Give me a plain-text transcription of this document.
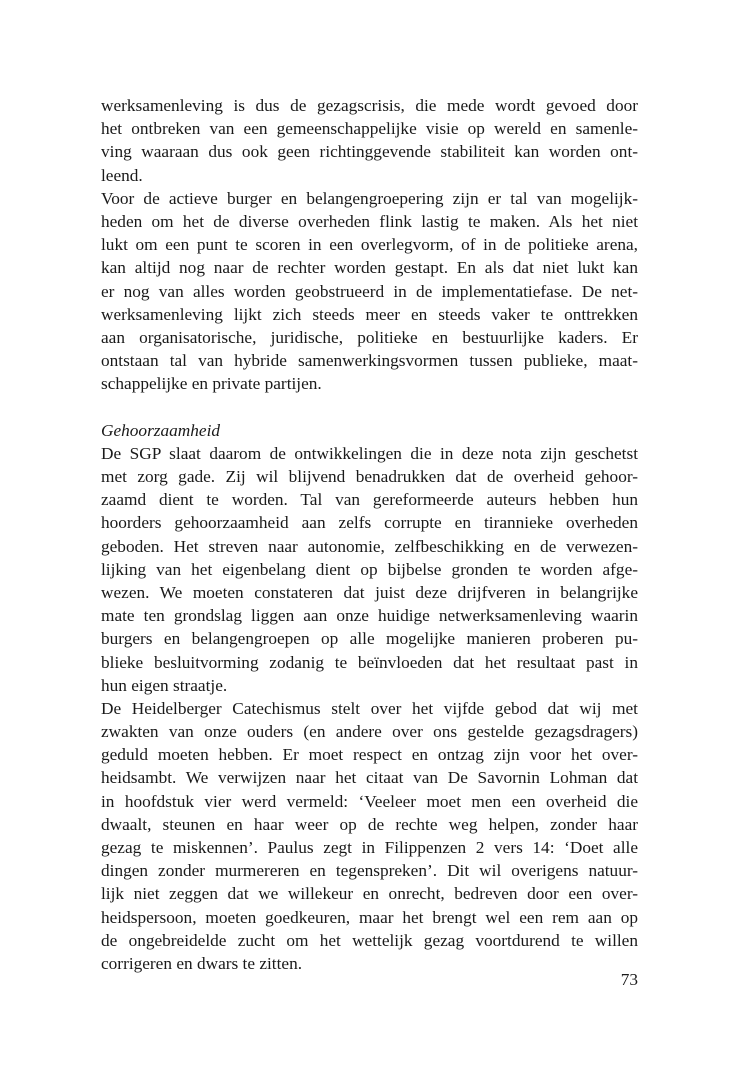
werksamenleving is dus de gezagscrisis, die mede wordt gevoed door
het ontbreken van een gemeenschappelijke visie op wereld en samenle-
ving waaraan dus ook geen richtinggevende stabiliteit kan worden ont-
leend.
Voor de actieve burger en belangengroepering zijn er tal van mogelijk-
heden om het de diverse overheden flink lastig te maken. Als het niet
lukt om een punt te scoren in een overlegvorm, of in de politieke arena,
kan altijd nog naar de rechter worden gestapt. En als dat niet lukt kan
er nog van alles worden geobstrueerd in de implementatiefase. De net-
werksamenleving lijkt zich steeds meer en steeds vaker te onttrekken
aan organisatorische, juridische, politieke en bestuurlijke kaders. Er
ontstaan tal van hybride samenwerkingsvormen tussen publieke, maat-
schappelijke en private partijen.
Gehoorzaamheid
De SGP slaat daarom de ontwikkelingen die in deze nota zijn geschetst
met zorg gade. Zij wil blijvend benadrukken dat de overheid gehoor-
zaamd dient te worden. Tal van gereformeerde auteurs hebben hun
hoorders gehoorzaamheid aan zelfs corrupte en tirannieke overheden
geboden. Het streven naar autonomie, zelfbeschikking en de verwezen-
lijking van het eigenbelang dient op bijbelse gronden te worden afge-
wezen. We moeten constateren dat juist deze drijfveren in belangrijke
mate ten grondslag liggen aan onze huidige netwerksamenleving waarin
burgers en belangengroepen op alle mogelijke manieren proberen pu-
blieke besluitvorming zodanig te beïnvloeden dat het resultaat past in
hun eigen straatje.
De Heidelberger Catechismus stelt over het vijfde gebod dat wij met
zwakten van onze ouders (en andere over ons gestelde gezagsdragers)
geduld moeten hebben. Er moet respect en ontzag zijn voor het over-
heidsambt. We verwijzen naar het citaat van De Savornin Lohman dat
in hoofdstuk vier werd vermeld: ‘Veeleer moet men een overheid die
dwaalt, steunen en haar weer op de rechte weg helpen, zonder haar
gezag te miskennen’. Paulus zegt in Filippenzen 2 vers 14: ‘Doet alle
dingen zonder murmereren en tegenspreken’. Dit wil overigens natuur-
lijk niet zeggen dat we willekeur en onrecht, bedreven door een over-
heidspersoon, moeten goedkeuren, maar het brengt wel een rem aan op
de ongebreidelde zucht om het wettelijk gezag voortdurend te willen
corrigeren en dwars te zitten.
73
